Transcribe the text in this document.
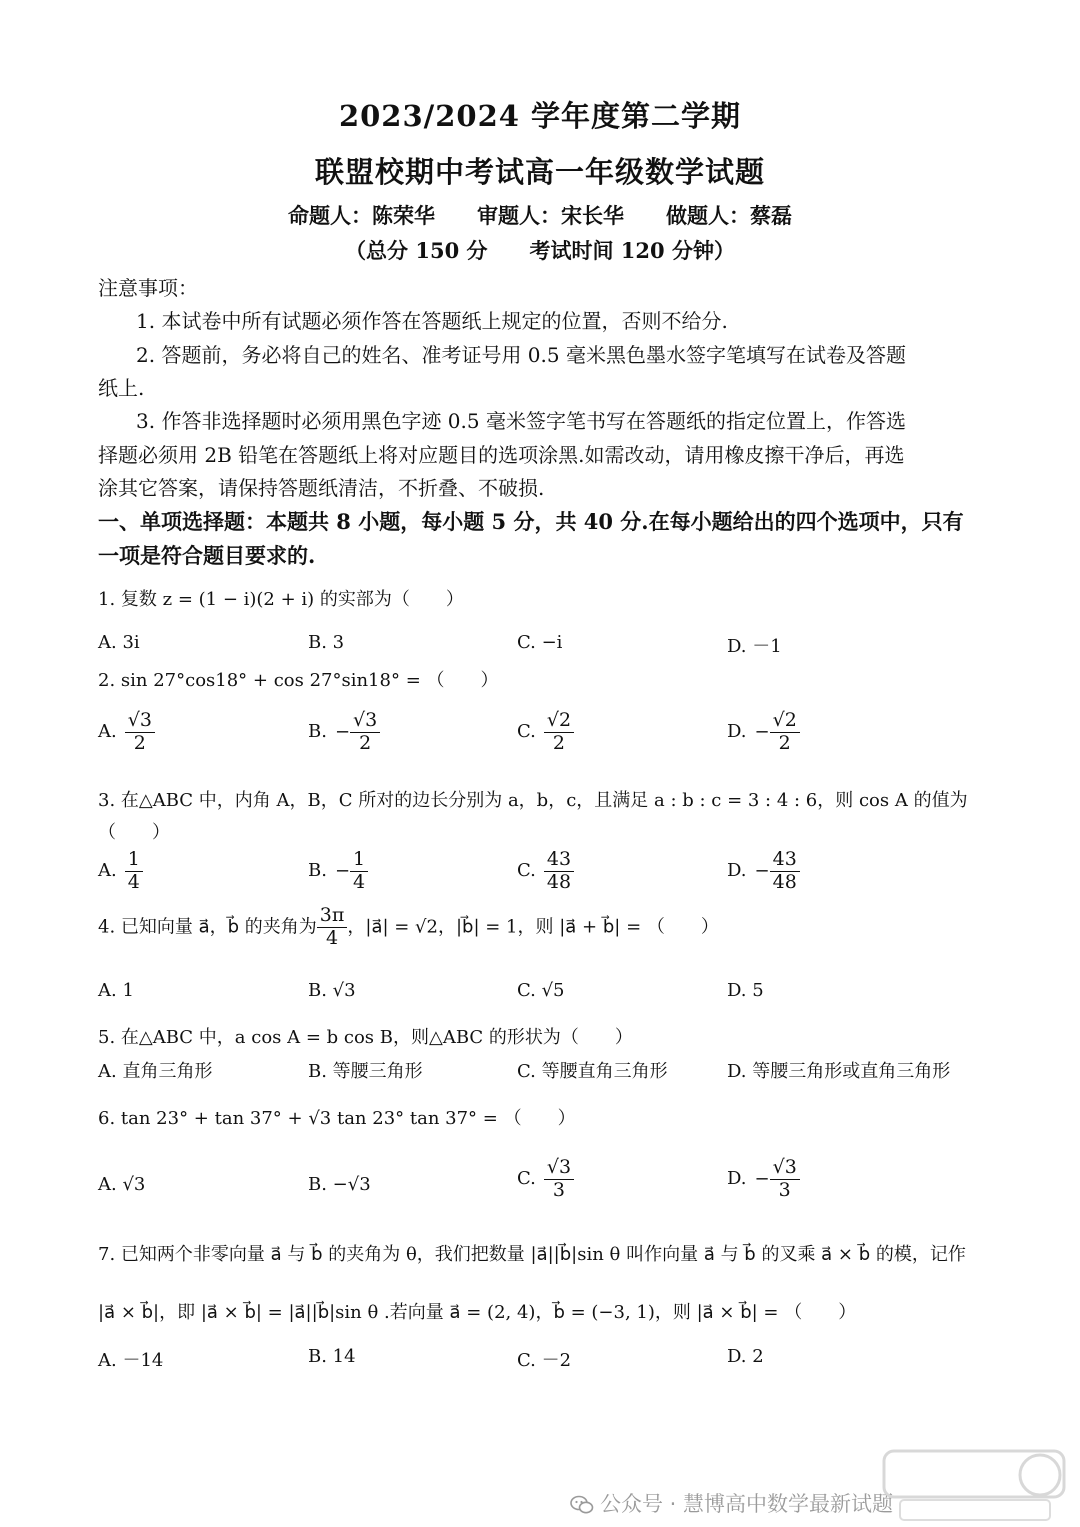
2023/2024 学年度第二学期
联盟校期中考试高一年级数学试题
命题人：陈荣华　　审题人：宋长华　　做题人：蔡磊
（总分 150 分　　考试时间 120 分钟）
注意事项：
1. 本试卷中所有试题必须作答在答题纸上规定的位置，否则不给分.
2. 答题前，务必将自己的姓名、准考证号用 0.5 毫米黑色墨水签字笔填写在试卷及答题
纸上.
3. 作答非选择题时必须用黑色字迹 0.5 毫米签字笔书写在答题纸的指定位置上，作答选
择题必须用 2B 铅笔在答题纸上将对应题目的选项涂黑.如需改动，请用橡皮擦干净后，再选
涂其它答案，请保持答题纸清洁，不折叠、不破损.
一、单项选择题：本题共 8 小题，每小题 5 分，共 40 分.在每小题给出的四个选项中，只有
一项是符合题目要求的.
1. 复数 z = (1 − i)(2 + i) 的实部为（　　）
A. 3i	B. 3	C. −i	D. －1
2. sin 27°cos18° + cos 27°sin18° = （　　）
A. $\frac{√3}{2}$	B. − $\frac{√3}{2}$	C. $\frac{√2}{2}$	D. − $\frac{√2}{2}$
3. 在△ABC 中，内角 A，B，C 所对的边长分别为 a，b，c，且满足 a : b : c = 3 : 4 : 6，则 cos A 的值为
（　　）
A. $\frac{1}{4}$	B. − $\frac{1}{4}$	C. $\frac{43}{48}$	D. − $\frac{43}{48}$
4. 已知向量 a⃗，b⃗ 的夹角为 $\frac{3\pi}{4}$ ，|a⃗| = √2，|b⃗| = 1，则 |a⃗ + b⃗| = （　　）
A. 1	B. √3	C. √5	D. 5
5. 在△ABC 中，a cos A = b cos B，则△ABC 的形状为（　　）
A. 直角三角形	B. 等腰三角形	C. 等腰直角三角形	D. 等腰三角形或直角三角形
6. tan 23° + tan 37° + √3 tan 23° tan 37° = （　　）
A. √3	B. −√3	C. $\frac{√3}{3}$	D. − $\frac{√3}{3}$
7. 已知两个非零向量 a⃗ 与 b⃗ 的夹角为 θ，我们把数量 |a⃗||b⃗|sin θ 叫作向量 a⃗ 与 b⃗ 的叉乘 a⃗ × b⃗ 的模，记作
|a⃗ × b⃗|，即 |a⃗ × b⃗| = |a⃗||b⃗|sin θ .若向量 a⃗ = (2, 4)，b⃗ = (−3, 1)，则 |a⃗ × b⃗| = （　　）
A. －14	B. 14	C. －2	D. 2
公众号 · 慧博高中数学最新试题
